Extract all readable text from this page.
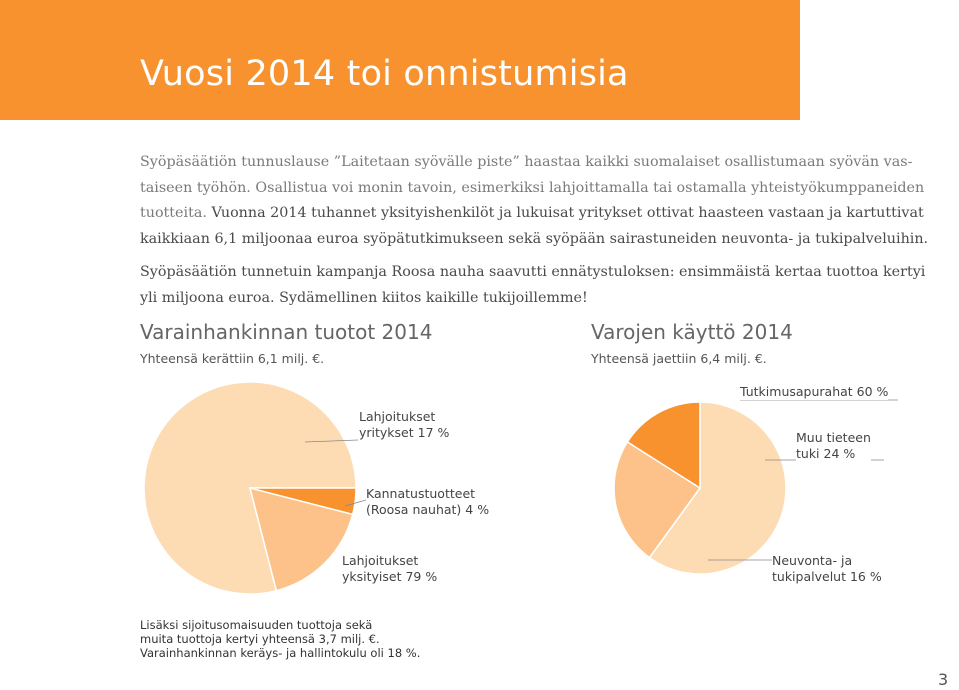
Vuosi 2014 toi onnistumisia

Syöpäsäätiön tunnuslause ”Laitetaan syövälle piste” haastaa kaikki suomalaiset osallistumaan syövän vas-taiseen työhön. Osallistua voi monin tavoin, esimerkiksi lahjoittamalla tai ostamalla yhteistyökumppaneiden tuotteita. Vuonna 2014 tuhannet yksityishenkilöt ja lukuisat yritykset ottivat haasteen vastaan ja kartuttivat kaikkiaan 6,1 miljoonaa euroa syöpätutkimukseen sekä syöpään sairastuneiden neuvonta- ja tukipalveluihin.

Syöpäsäätiön tunnetuin kampanja Roosa nauha saavutti ennätystuloksen: ensimmäistä kertaa tuottoa kertyi yli miljoona euroa. Sydämellinen kiitos kaikille tukijoillemme!

Varainhankinnan tuotot 2014
Yhteensä kerättiin 6,1 milj. €.
Varojen käyttö 2014
Yhteensä jaettiin 6,4 milj. €.
Lahjoitukset
yritykset 17 %
Kannatustuotteet
(Roosa nauhat) 4 %
Lahjoitukset
yksityiset 79 %
Tutkimusapurahat 60 %
Muu tieteen
tuki 24 %
Neuvonta- ja
tukipalvelut 16 %
Lisäksi sijoitusomaisuuden tuottoja sekä
muita tuottoja kertyi yhteensä 3,7 milj. €.
Varainhankinnan keräys- ja hallintokulu oli 18 %.
3
